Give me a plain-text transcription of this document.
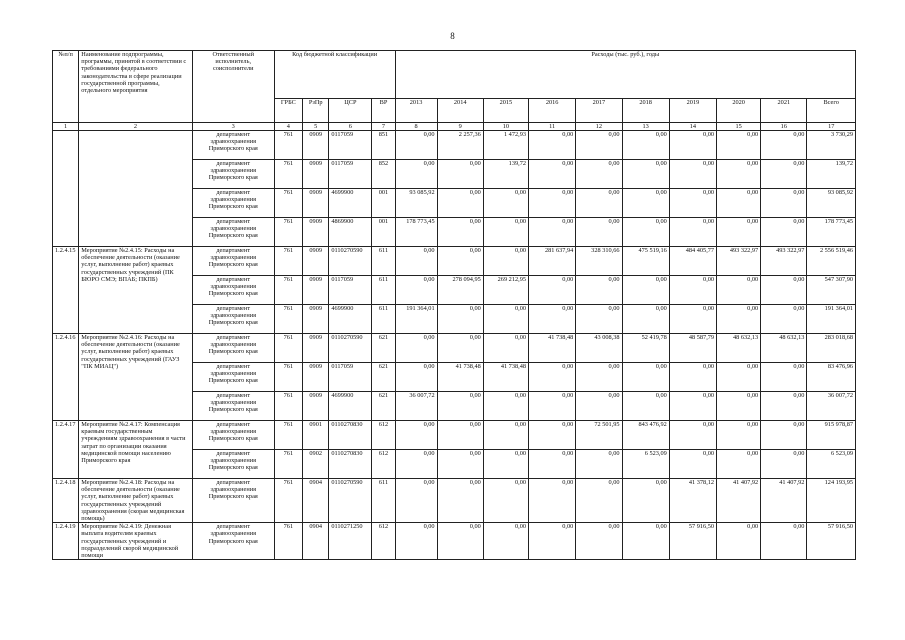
8
№п/п	Наименование подпрограммы, программы, принятой в соответствии с требованиями федерального законодательства в сфере реализации государственной программы, отдельного мероприятия	Ответственный исполнитель, соисполнители	Код бюджетной классификации				Расходы (тыс. руб.), годы									
			ГРБС	РзПр	ЦСР	ВР	2013	2014	2015	2016	2017	2018	2019	2020	2021	Всего
1	2	3	4	5	6	7	8	9	10	11	12	13	14	15	16	17
		департамент здравоохранения Приморского края	761	0909	0117059	851	0,00	2 257,36	1 472,93	0,00	0,00	0,00	0,00	0,00	0,00	3 730,29
		департамент здравоохранения Приморского края	761	0909	0117059	852	0,00	0,00	139,72	0,00	0,00	0,00	0,00	0,00	0,00	139,72
		департамент здравоохранения Приморского края	761	0909	4699900	001	93 085,92	0,00	0,00	0,00	0,00	0,00	0,00	0,00	0,00	93 085,92
		департамент здравоохранения Приморского края	761	0909	4869900	001	178 773,45	0,00	0,00	0,00	0,00	0,00	0,00	0,00	0,00	178 773,45
1.2.4.15	Мероприятие №2.4.15: Расходы на обеспечение деятельности (оказание услуг, выполнение работ) краевых государственных учреждений (ПК БЮРО СМЭ; ВПАБ; ПКПБ)	департамент здравоохранения Приморского края	761	0909	0110270590	611	0,00	0,00	0,00	281 637,94	328 310,66	475 519,16	484 405,77	493 322,97	493 322,97	2 556 519,46
		департамент здравоохранения Приморского края	761	0909	0117059	611	0,00	278 094,95	269 212,95	0,00	0,00	0,00	0,00	0,00	0,00	547 307,90
		департамент здравоохранения Приморского края	761	0909	4699900	611	191 364,01	0,00	0,00	0,00	0,00	0,00	0,00	0,00	0,00	191 364,01
1.2.4.16	Мероприятие №2.4.16: Расходы на обеспечение деятельности (оказание услуг, выполнение работ) краевых государственных учреждений (ГАУЗ "ПК МИАЦ")	департамент здравоохранения Приморского края	761	0909	0110270590	621	0,00	0,00	0,00	41 738,48	43 008,38	52 419,78	48 587,79	48 632,13	48 632,13	283 018,68
		департамент здравоохранения Приморского края	761	0909	0117059	621	0,00	41 738,48	41 738,48	0,00	0,00	0,00	0,00	0,00	0,00	83 476,96
		департамент здравоохранения Приморского края	761	0909	4699900	621	36 007,72	0,00	0,00	0,00	0,00	0,00	0,00	0,00	0,00	36 007,72
1.2.4.17	Мероприятие №2.4.17: Компенсация краевым государственным учреждениям здравоохранения в части затрат по организации оказания медицинской помощи населению Приморского края	департамент здравоохранения Приморского края	761	0901	0110270830	612	0,00	0,00	0,00	0,00	72 501,95	843 476,92	0,00	0,00	0,00	915 978,87
		департамент здравоохранения Приморского края	761	0902	0110270830	612	0,00	0,00	0,00	0,00	0,00	6 523,09	0,00	0,00	0,00	6 523,09
1.2.4.18	Мероприятие №2.4.18: Расходы на обеспечение деятельности (оказание услуг, выполнение работ) краевых государственных учреждений здравоохранения (скорая медицинская помощь)	департамент здравоохранения Приморского края	761	0904	0110270590	611	0,00	0,00	0,00	0,00	0,00	0,00	41 378,12	41 407,92	41 407,92	124 193,95
1.2.4.19	Мероприятие №2.4.19: Денежная выплата водителям краевых государственных учреждений и подразделений скорой медицинской помощи	департамент здравоохранения Приморского края	761	0904	0110271250	612	0,00	0,00	0,00	0,00	0,00	0,00	57 916,50	0,00	0,00	57 916,50
